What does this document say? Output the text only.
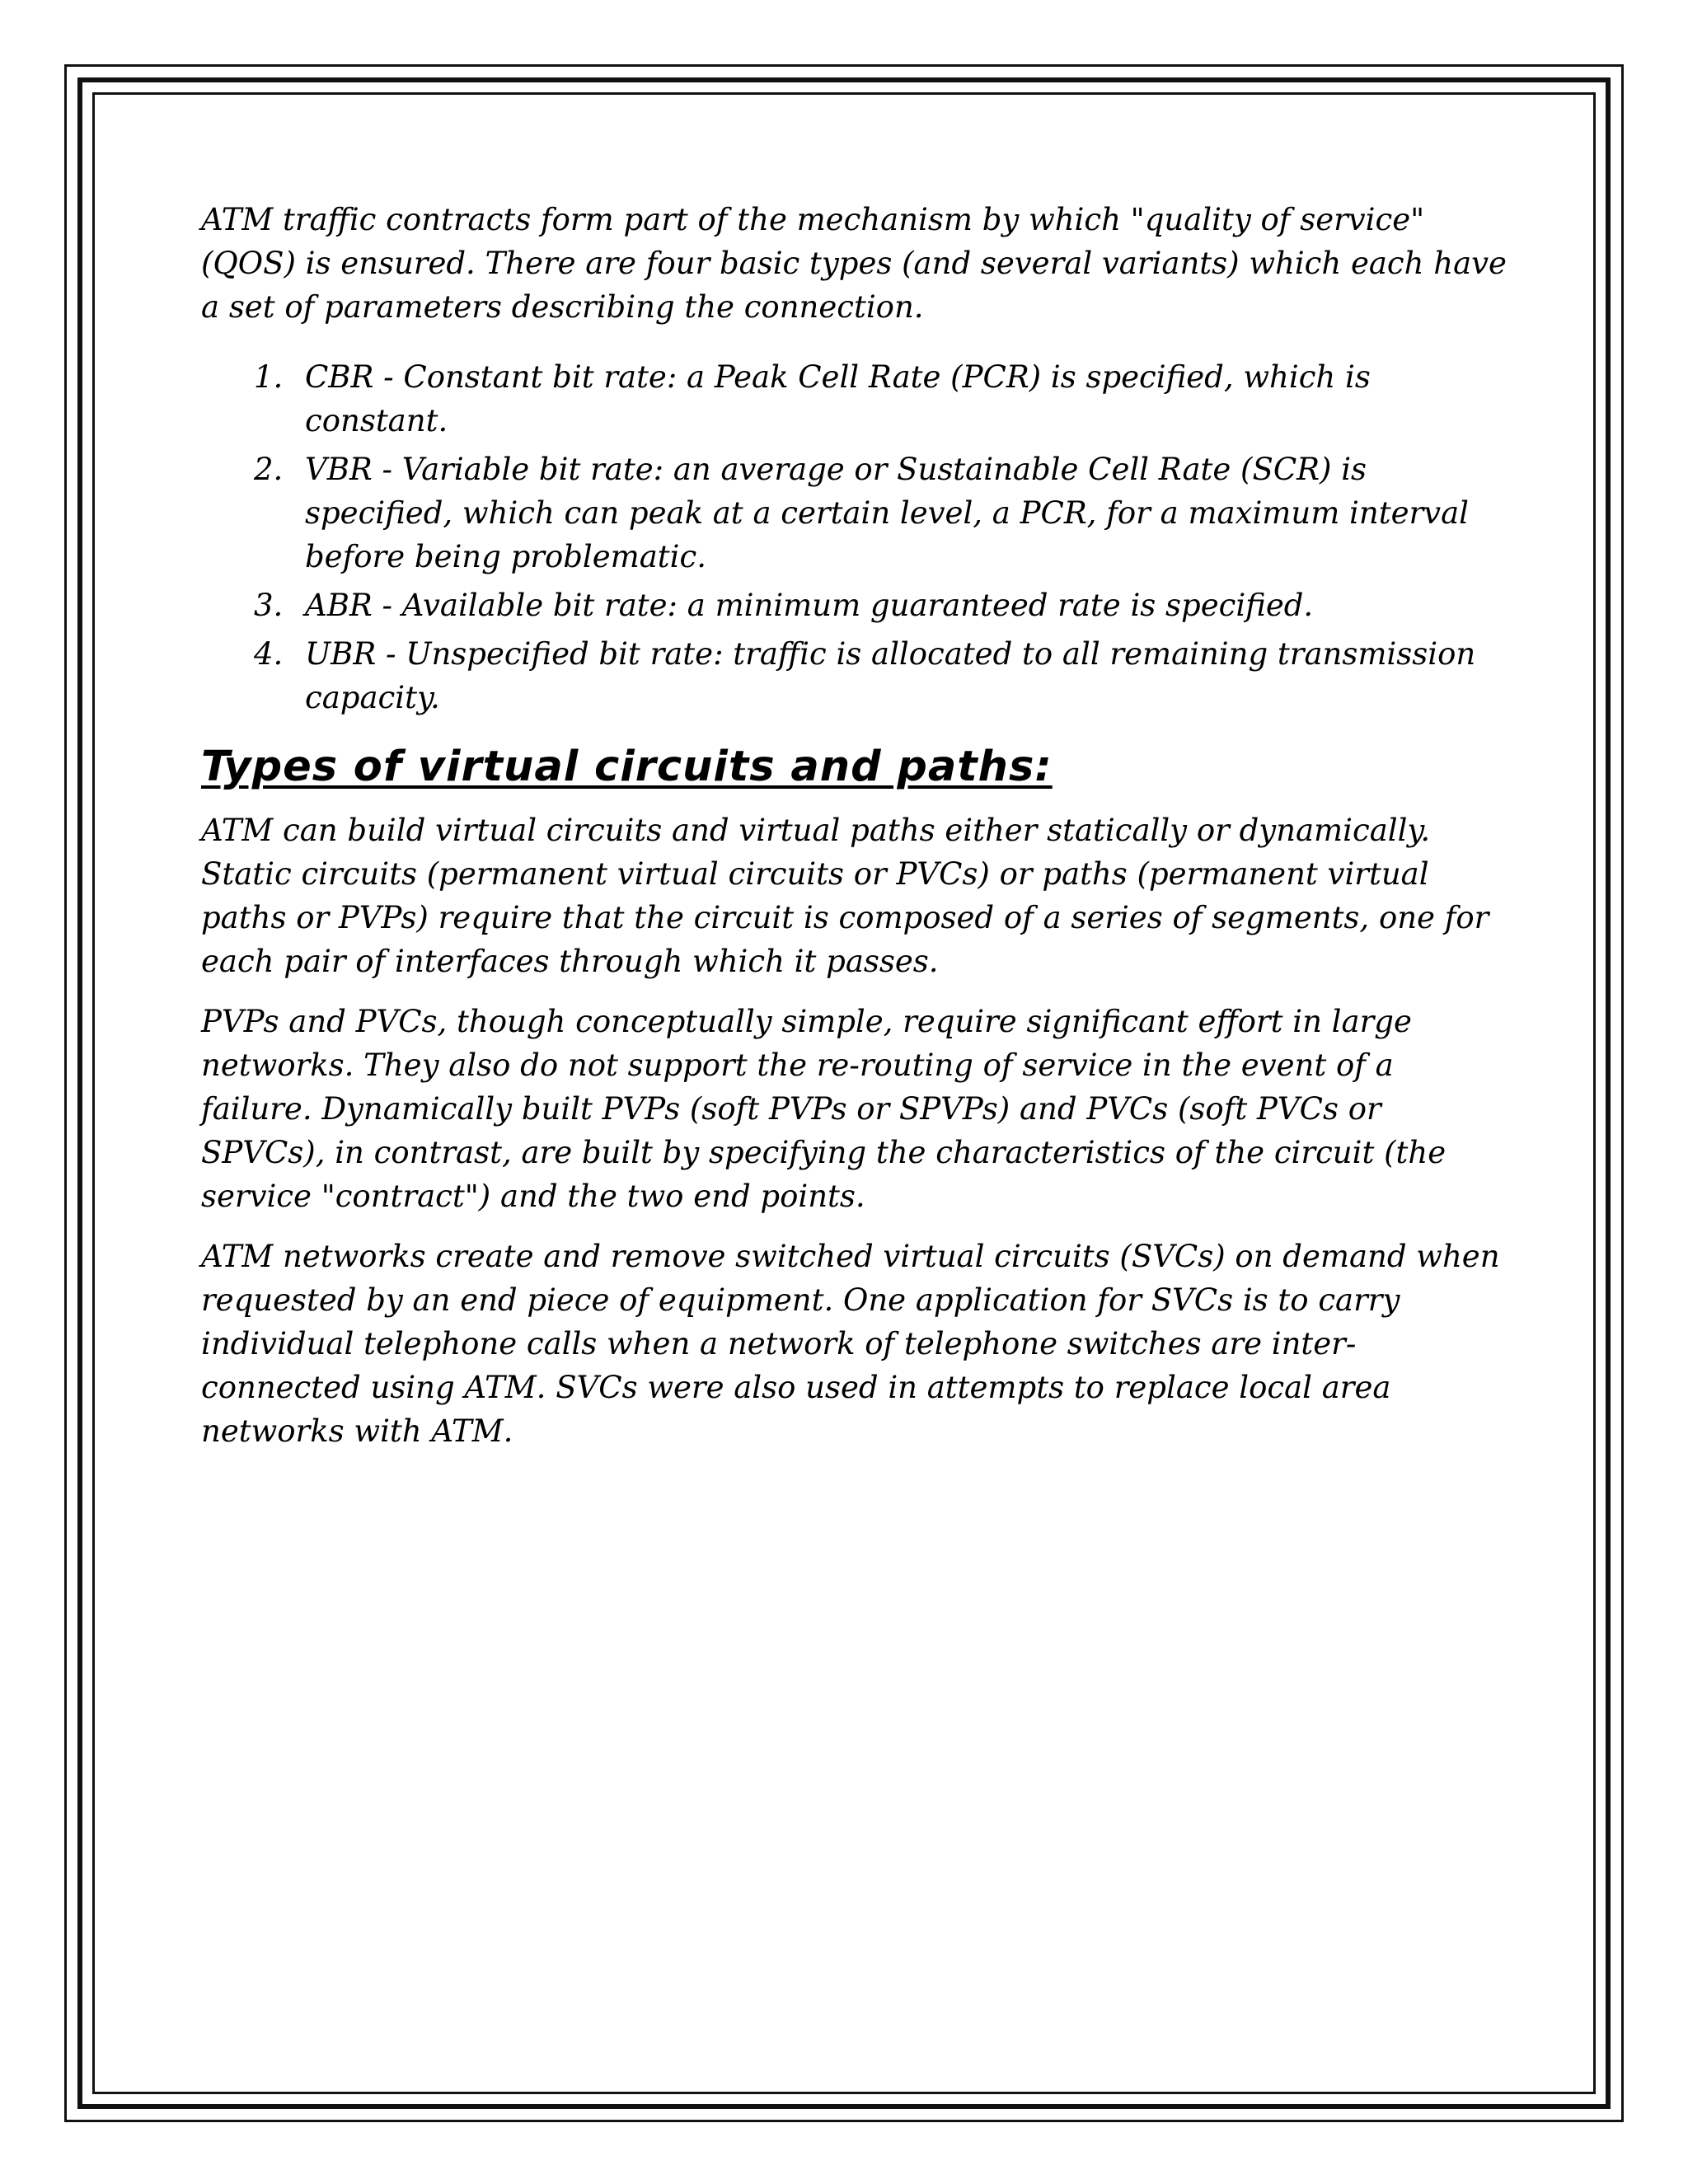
ATM traffic contracts form part of the mechanism by which "quality of service" (QOS) is ensured. There are four basic types (and several variants) which each have a set of parameters describing the connection.

1. CBR - Constant bit rate: a Peak Cell Rate (PCR) is specified, which is constant.
2. VBR - Variable bit rate: an average or Sustainable Cell Rate (SCR) is specified, which can peak at a certain level, a PCR, for a maximum interval before being problematic.
3. ABR - Available bit rate: a minimum guaranteed rate is specified.
4. UBR - Unspecified bit rate: traffic is allocated to all remaining transmission capacity.
Types of virtual circuits and paths:

ATM can build virtual circuits and virtual paths either statically or dynamically. Static circuits (permanent virtual circuits or PVCs) or paths (permanent virtual paths or PVPs) require that the circuit is composed of a series of segments, one for each pair of interfaces through which it passes.

PVPs and PVCs, though conceptually simple, require significant effort in large networks. They also do not support the re-routing of service in the event of a failure. Dynamically built PVPs (soft PVPs or SPVPs) and PVCs (soft PVCs or SPVCs), in contrast, are built by specifying the characteristics of the circuit (the service "contract") and the two end points.

ATM networks create and remove switched virtual circuits (SVCs) on demand when requested by an end piece of equipment. One application for SVCs is to carry individual telephone calls when a network of telephone switches are inter-connected using ATM. SVCs were also used in attempts to replace local area networks with ATM.
